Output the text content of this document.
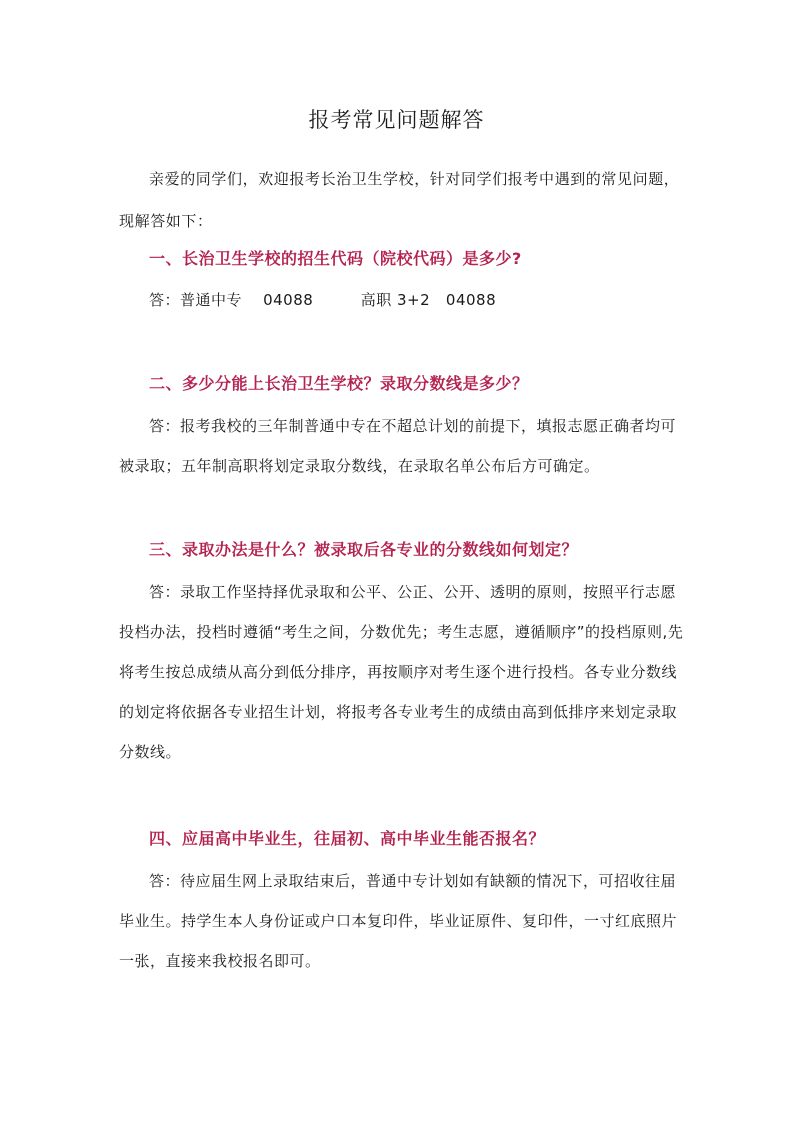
报考常见问题解答
亲爱的同学们，欢迎报考长治卫生学校，针对同学们报考中遇到的常见问题，现解答如下：
一、长治卫生学校的招生代码（院校代码）是多少?
答：普通中专    04088         高职 3+2   04088
二、多少分能上长治卫生学校？录取分数线是多少？
答：报考我校的三年制普通中专在不超总计划的前提下，填报志愿正确者均可被录取；五年制高职将划定录取分数线，在录取名单公布后方可确定。
三、录取办法是什么？被录取后各专业的分数线如何划定？
答：录取工作坚持择优录取和公平、公正、公开、透明的原则，按照平行志愿投档办法，投档时遵循“考生之间，分数优先；考生志愿，遵循顺序”的投档原则,先将考生按总成绩从高分到低分排序，再按顺序对考生逐个进行投档。各专业分数线的划定将依据各专业招生计划，将报考各专业考生的成绩由高到低排序来划定录取分数线。
四、应届高中毕业生，往届初、高中毕业生能否报名？
答：待应届生网上录取结束后，普通中专计划如有缺额的情况下，可招收往届毕业生。持学生本人身份证或户口本复印件，毕业证原件、复印件，一寸红底照片一张，直接来我校报名即可。
